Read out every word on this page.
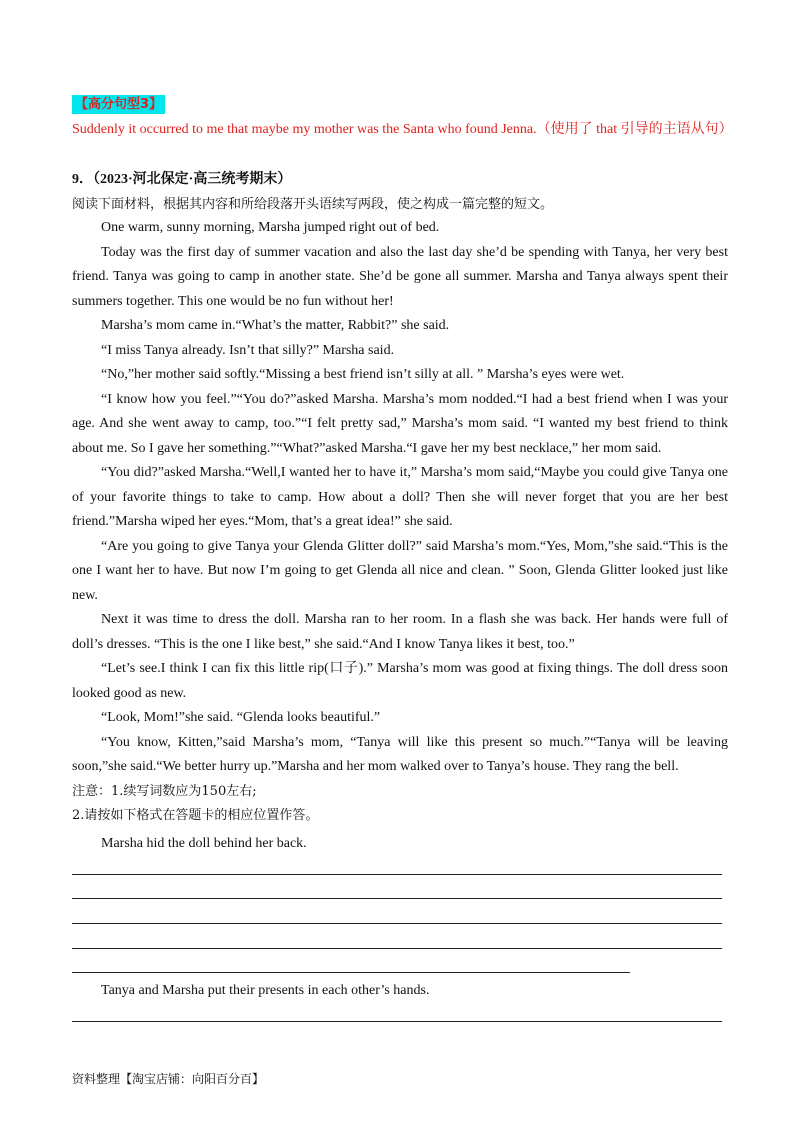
【高分句型3】
Suddenly it occurred to me that maybe my mother was the Santa who found Jenna.（使用了 that 引导的主语从句）
9．（2023·河北保定·高三统考期末）
阅读下面材料，根据其内容和所给段落开头语续写两段，使之构成一篇完整的短文。

One warm, sunny morning, Marsha jumped right out of bed.

Today was the first day of summer vacation and also the last day she’d be spending with Tanya, her very best friend. Tanya was going to camp in another state. She’d be gone all summer. Marsha and Tanya always spent their summers together. This one would be no fun without her!

Marsha’s mom came in.“What’s the matter, Rabbit?” she said.

“I miss Tanya already. Isn’t that silly?” Marsha said.

“No,”her mother said softly.“Missing a best friend isn’t silly at all. ” Marsha’s eyes were wet.

“I know how you feel.”“You do?”asked Marsha. Marsha’s mom nodded.“I had a best friend when I was your age. And she went away to camp, too.”“I felt pretty sad,” Marsha’s mom said. “I wanted my best friend to think about me. So I gave her something.”“What?”asked Marsha.“I gave her my best necklace,” her mom said.

“You did?”asked Marsha.“Well,I wanted her to have it,” Marsha’s mom said,“Maybe you could give Tanya one of your favorite things to take to camp. How about a doll? Then she will never forget that you are her best friend.”Marsha wiped her eyes.“Mom, that’s a great idea!” she said.

“Are you going to give Tanya your Glenda Glitter doll?” said Marsha’s mom.“Yes, Mom,”she said.“This is the one I want her to have. But now I’m going to get Glenda all nice and clean. ” Soon, Glenda Glitter looked just like new.

Next it was time to dress the doll. Marsha ran to her room. In a flash she was back. Her hands were full of doll’s dresses. “This is the one I like best,” she said.“And I know Tanya likes it best, too.”

“Let’s see.I think I can fix this little rip(口子).” Marsha’s mom was good at fixing things. The doll dress soon looked good as new.

“Look, Mom!”she said. “Glenda looks beautiful.”

“You know, Kitten,”said Marsha’s mom, “Tanya will like this present so much.”“Tanya will be leaving soon,”she said.“We better hurry up.”Marsha and her mom walked over to Tanya’s house. They rang the bell.

注意：1.续写词数应为150左右;

2.请按如下格式在答题卡的相应位置作答。

Marsha hid the doll behind her back.
Tanya and Marsha put their presents in each other’s hands.
资料整理【淘宝店铺：向阳百分百】
